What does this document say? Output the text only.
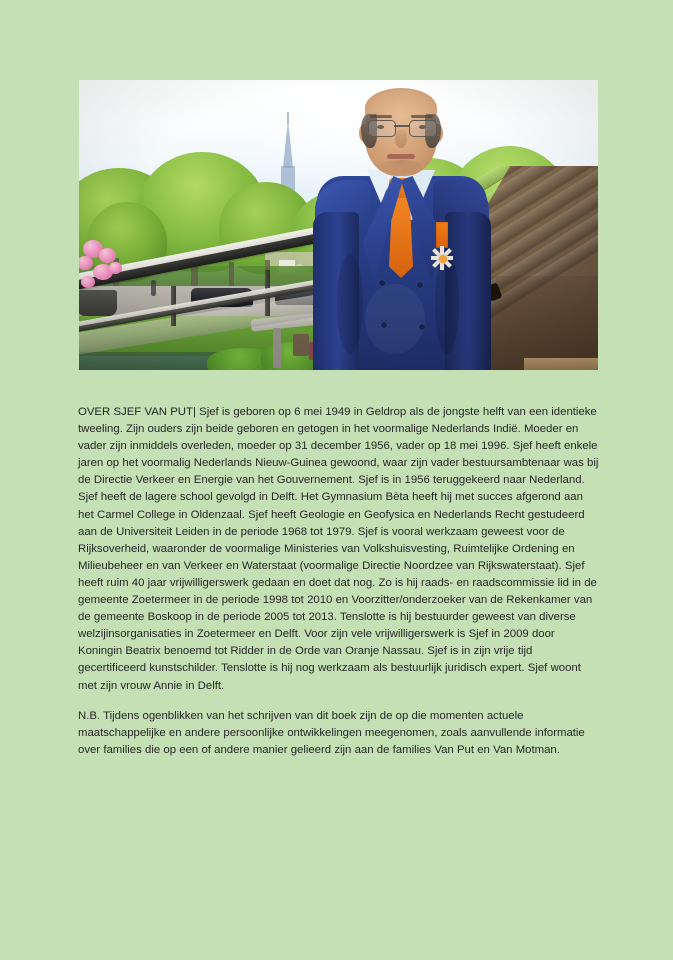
OVER SJEF VAN PUT| Sjef is geboren op 6 mei 1949 in Geldrop als de jongste helft van een identieke tweeling. Zijn ouders zijn beide geboren en getogen in het voormalige Nederlands Indië. Moeder en vader zijn inmiddels overleden, moeder op 31 december 1956, vader op 18 mei 1996. Sjef heeft enkele jaren op het voormalig Nederlands Nieuw-Guinea gewoond, waar zijn vader bestuursambtenaar was bij de Directie Verkeer en Energie van het Gouvernement. Sjef is in 1956 teruggekeerd naar Nederland. Sjef heeft de lagere school gevolgd in Delft. Het Gymnasium Bèta heeft hij met succes afgerond aan het Carmel College in Oldenzaal. Sjef heeft Geologie en Geofysica en Nederlands Recht gestudeerd aan de Universiteit Leiden in de periode 1968 tot 1979. Sjef is vooral werkzaam geweest voor de Rijksoverheid, waaronder de voormalige Ministeries van Volkshuisvesting, Ruimtelijke Ordening en Milieubeheer en van Verkeer en Waterstaat (voormalige Directie Noordzee van Rijkswaterstaat). Sjef heeft ruim 40 jaar vrijwilligerswerk gedaan en doet dat nog. Zo is hij raads- en raadscommissie lid in de gemeente Zoetermeer in de periode 1998 tot 2010 en Voorzitter/onderzoeker van de Rekenkamer van de gemeente Boskoop in de periode 2005 tot 2013. Tenslotte is hij bestuurder geweest van diverse welzijinsorganisaties in Zoetermeer en Delft. Voor zijn vele vrijwilligerswerk is Sjef in 2009 door Koningin Beatrix benoemd tot Ridder in de Orde van Oranje Nassau. Sjef is in zijn vrije tijd gecertificeerd kunstschilder. Tenslotte is hij nog werkzaam als bestuurlijk juridisch expert. Sjef woont met zijn vrouw Annie in Delft.

N.B. Tijdens ogenblikken van het schrijven van dit boek zijn de op die momenten actuele maatschappelijke en andere persoonlijke ontwikkelingen meegenomen, zoals aanvullende informatie over families die op een of andere manier gelieerd zijn aan de families Van Put en Van Motman.
